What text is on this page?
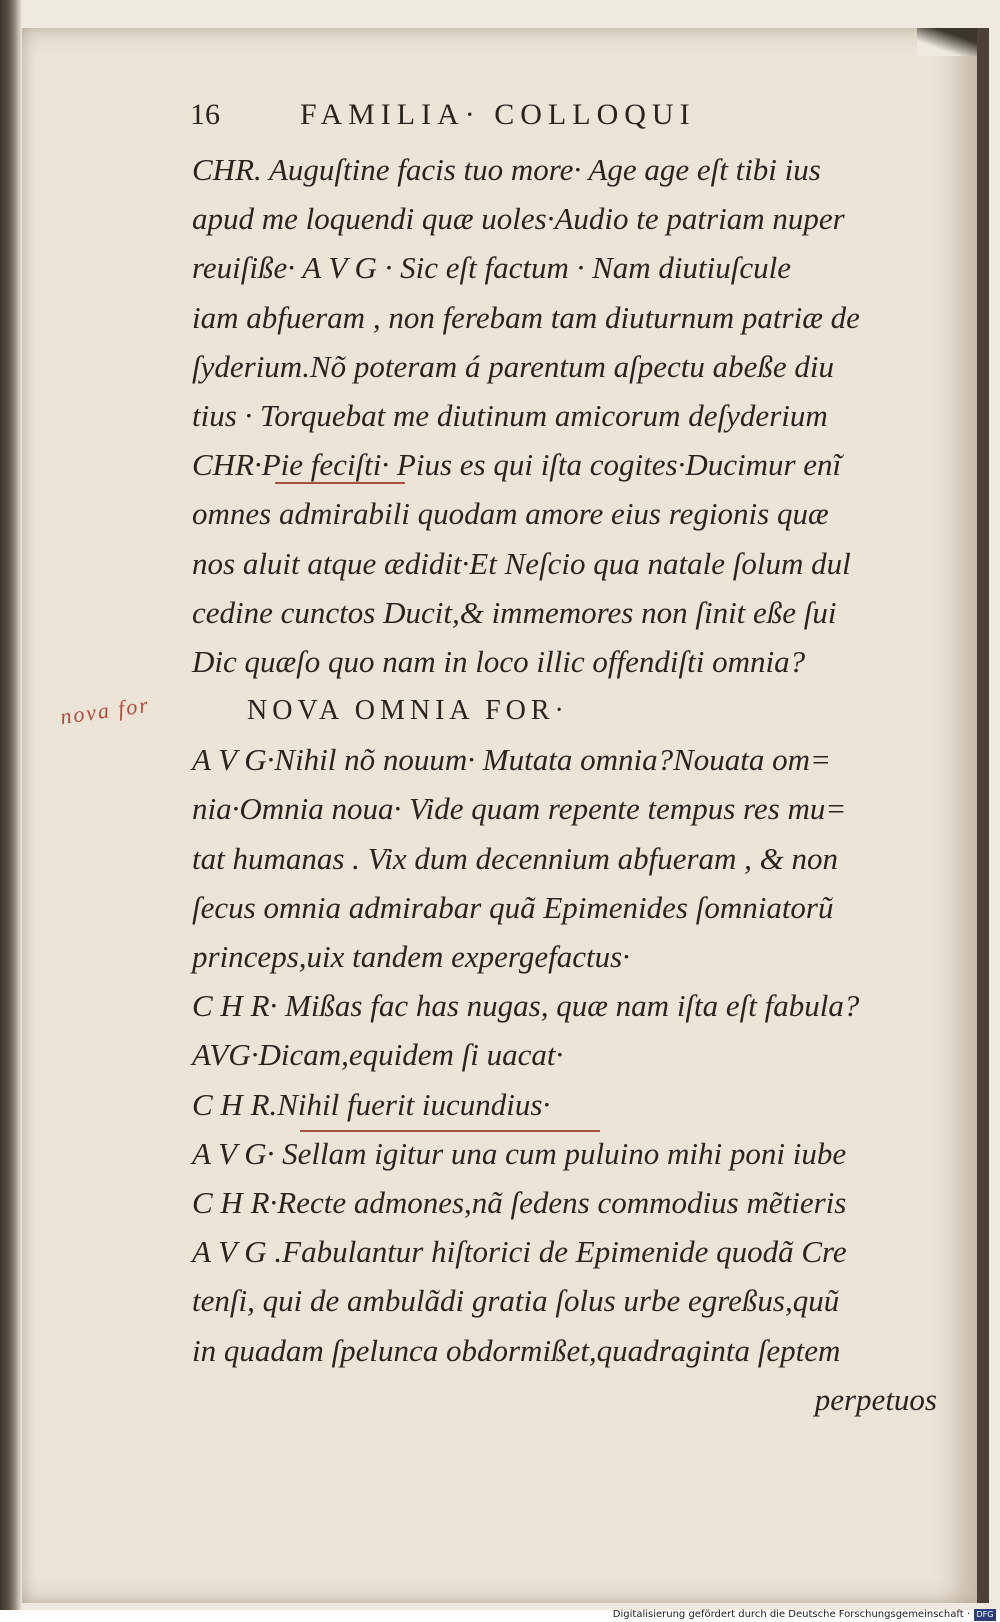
16	FAMILIA· COLLOQUI
nova for
CHR. Auguſtine facis tuo more· Age age eſt tibi ius
apud me loquendi quæ uoles·Audio te patriam nuper
reuiſiße· A V G · Sic eſt factum · Nam diutiuſcule
iam abfueram , non ferebam tam diuturnum patriæ de
ſyderium.Nõ poteram á parentum aſpectu abeße diu
tius · Torquebat me diutinum amicorum deſyderium
CHR·Pie feciſti· Pius es qui iſta cogites·Ducimur enĩ
omnes admirabili quodam amore eius regionis quæ
nos aluit atque ædidit·Et Neſcio qua natale ſolum dul
cedine cunctos Ducit,& immemores non ſinit eße ſui
Dic quæſo quo nam in loco illic offendiſti omnia?
NOVA OMNIA FOR·
A V G·Nihil nõ nouum· Mutata omnia?Nouata om=
nia·Omnia noua· Vide quam repente tempus res mu=
tat humanas . Vix dum decennium abfueram , & non
ſecus omnia admirabar quã Epimenides ſomniatorũ
princeps,uix tandem expergefactus·
C H R· Mißas fac has nugas, quæ nam iſta eſt fabula?
AVG·Dicam,equidem ſi uacat·
C H R.Nihil fuerit iucundius·
A V G· Sellam igitur una cum puluino mihi poni iube
C H R·Recte admones,nã ſedens commodius mẽtieris
A V G .Fabulantur hiſtorici de Epimenide quodã Cre
tenſi, qui de ambulãdi gratia ſolus urbe egreßus,quũ
in quadam ſpelunca obdormißet,quadraginta ſeptem
perpetuos
Digitalisierung gefördert durch die Deutsche Forschungsgemeinschaft · DFG
